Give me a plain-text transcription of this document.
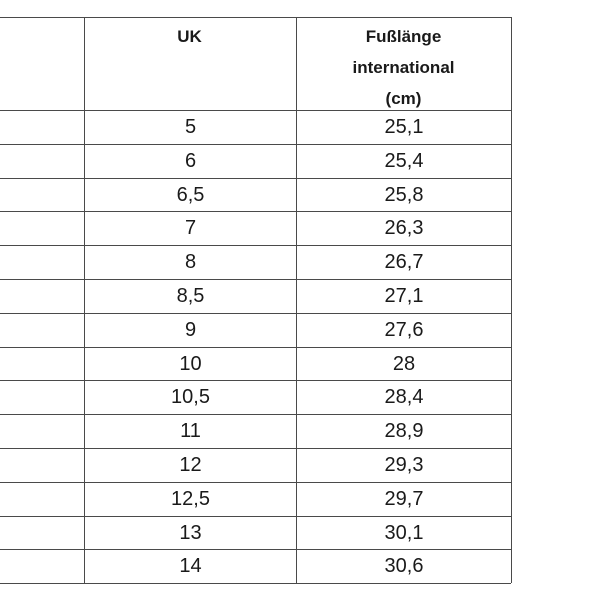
UK	Fußlänge
international
(cm)
5	25,1
6	25,4
6,5	25,8
7	26,3
8	26,7
8,5	27,1
9	27,6
10	28
10,5	28,4
11	28,9
12	29,3
12,5	29,7
13	30,1
14	30,6
